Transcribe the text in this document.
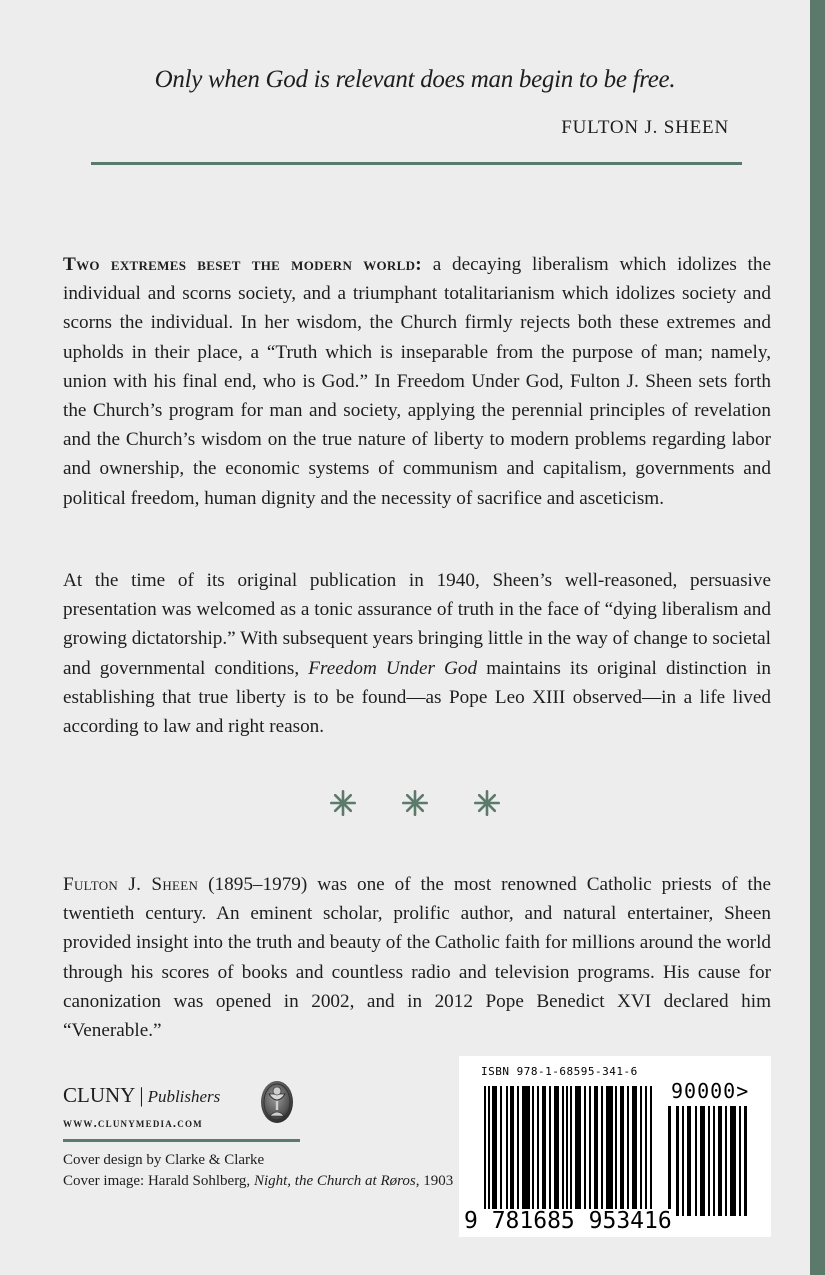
Only when God is relevant does man begin to be free.
FULTON J. SHEEN
Two extremes beset the modern world: a decaying liberalism which idolizes the individual and scorns society, and a triumphant totalitarianism which idolizes society and scorns the individual. In her wisdom, the Church firmly rejects both these extremes and upholds in their place, a “Truth which is inseparable from the purpose of man; namely, union with his final end, who is God.” In Freedom Under God, Fulton J. Sheen sets forth the Church’s program for man and society, applying the perennial principles of revelation and the Church’s wisdom on the true nature of liberty to modern problems regarding labor and ownership, the economic systems of communism and capitalism, governments and political freedom, human dignity and the necessity of sacrifice and asceticism.
At the time of its original publication in 1940, Sheen’s well-reasoned, persuasive presentation was welcomed as a tonic assurance of truth in the face of “dying liberalism and growing dictatorship.” With subsequent years bringing little in the way of change to societal and governmental conditions, Freedom Under God maintains its original distinction in establishing that true liberty is to be found—as Pope Leo XIII observed—in a life lived according to law and right reason.
Fulton J. Sheen (1895–1979) was one of the most renowned Catholic priests of the twentieth century. An eminent scholar, prolific author, and natural entertainer, Sheen provided insight into the truth and beauty of the Catholic faith for millions around the world through his scores of books and countless radio and television programs. His cause for canonization was opened in 2002, and in 2012 Pope Benedict XVI declared him “Venerable.”
CLUNY | Publishers
www.clunymedia.com
Cover design by Clarke & Clarke
Cover image: Harald Sohlberg, Night, the Church at Røros, 1903
ISBN 978-1-68595-341-6
90000>
9 781685 953416
